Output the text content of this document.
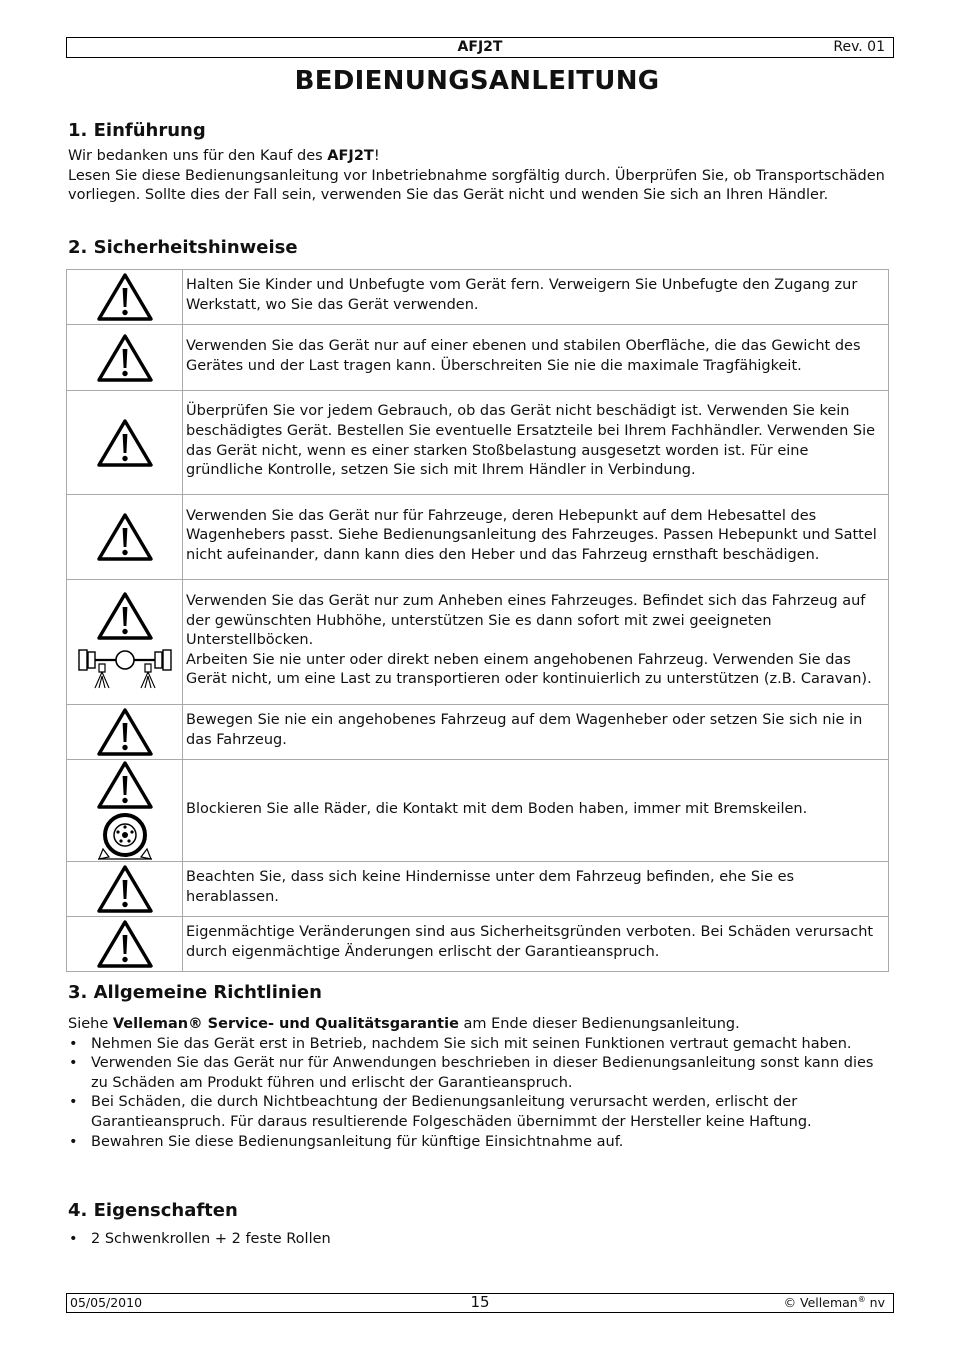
AFJ2T	Rev. 01
BEDIENUNGSANLEITUNG
1. Einführung

Wir bedanken uns für den Kauf des AFJ2T!

Lesen Sie diese Bedienungsanleitung vor Inbetriebnahme sorgfältig durch. Überprüfen Sie, ob Transportschäden vorliegen. Sollte dies der Fall sein, verwenden Sie das Gerät nicht und wenden Sie sich an Ihren Händler.

2. Sicherheitshinweise
	Halten Sie Kinder und Unbefugte vom Gerät fern. Verweigern Sie Unbefugte den Zugang zur Werkstatt, wo Sie das Gerät verwenden.

	Verwenden Sie das Gerät nur auf einer ebenen und stabilen Oberfläche, die das Gewicht des Gerätes und der Last tragen kann. Überschreiten Sie nie die maximale Tragfähigkeit.

	Überprüfen Sie vor jedem Gebrauch, ob das Gerät nicht beschädigt ist. Verwenden Sie kein beschädigtes Gerät. Bestellen Sie eventuelle Ersatzteile bei Ihrem Fachhändler. Verwenden Sie das Gerät nicht, wenn es einer starken Stoßbelastung ausgesetzt worden ist. Für eine gründliche Kontrolle, setzen Sie sich mit Ihrem Händler in Verbindung.

	Verwenden Sie das Gerät nur für Fahrzeuge, deren Hebepunkt auf dem Hebesattel des Wagenhebers passt. Siehe Bedienungsanleitung des Fahrzeuges. Passen Hebepunkt und Sattel nicht aufeinander, dann kann dies den Heber und das Fahrzeug ernsthaft beschädigen.

Verwenden Sie das Gerät nur zum Anheben eines Fahrzeuges. Befindet sich das Fahrzeug auf der gewünschten Hubhöhe, unterstützen Sie es dann sofort mit zwei geeigneten Unterstellböcken.
Arbeiten Sie nie unter oder direkt neben einem angehobenen Fahrzeug. Verwenden Sie das Gerät nicht, um eine Last zu transportieren oder kontinuierlich zu unterstützen (z.B. Caravan).

	Bewegen Sie nie ein angehobenes Fahrzeug auf dem Wagenheber oder setzen Sie sich nie in das Fahrzeug.

	Blockieren Sie alle Räder, die Kontakt mit dem Boden haben, immer mit Bremskeilen.

	Beachten Sie, dass sich keine Hindernisse unter dem Fahrzeug befinden, ehe Sie es herablassen.

	Eigenmächtige Veränderungen sind aus Sicherheitsgründen verboten. Bei Schäden verursacht durch eigenmächtige Änderungen erlischt der Garantieanspruch.
3. Allgemeine Richtlinien

Siehe Velleman® Service- und Qualitätsgarantie am Ende dieser Bedienungsanleitung.

• Nehmen Sie das Gerät erst in Betrieb, nachdem Sie sich mit seinen Funktionen vertraut gemacht haben.
• Verwenden Sie das Gerät nur für Anwendungen beschrieben in dieser Bedienungsanleitung sonst kann dies zu Schäden am Produkt führen und erlischt der Garantieanspruch.
• Bei Schäden, die durch Nichtbeachtung der Bedienungsanleitung verursacht werden, erlischt der Garantieanspruch. Für daraus resultierende Folgeschäden übernimmt der Hersteller keine Haftung.
• Bewahren Sie diese Bedienungsanleitung für künftige Einsichtnahme auf.
4. Eigenschaften
• 2 Schwenkrollen + 2 feste Rollen
05/05/2010	15	© Velleman® nv
